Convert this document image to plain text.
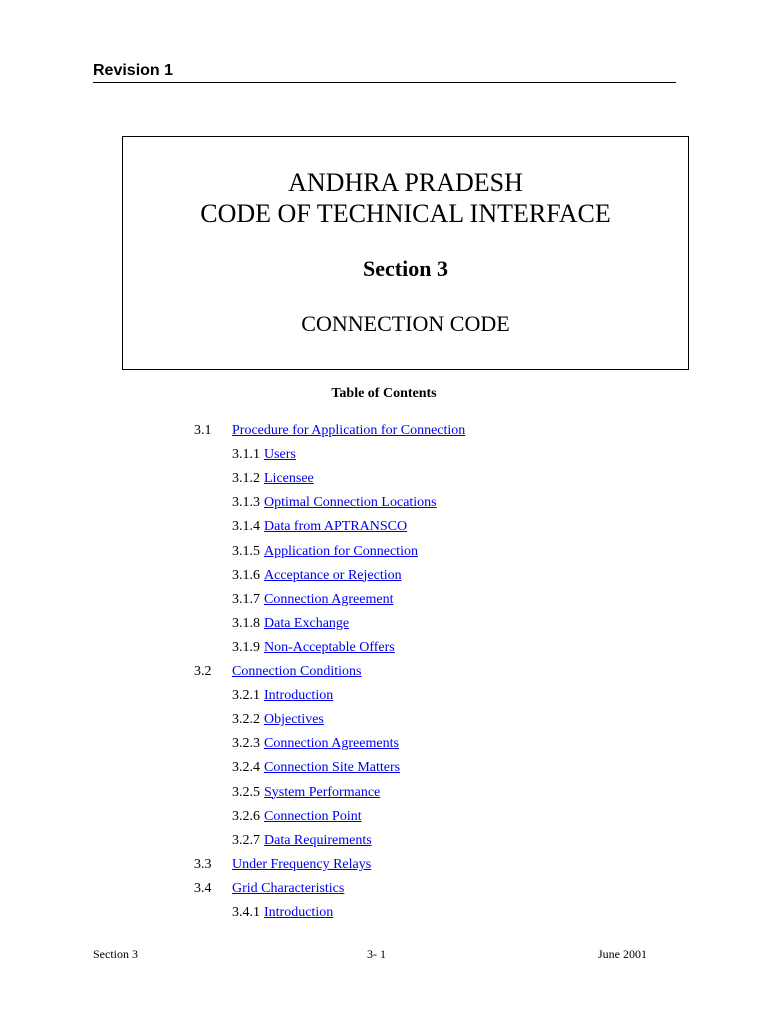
Revision 1
ANDHRA PRADESH
CODE OF TECHNICAL INTERFACE
Section 3
CONNECTION CODE
Table of Contents
3.1 Procedure for Application for Connection
3.1.1 Users
3.1.2 Licensee
3.1.3 Optimal Connection Locations
3.1.4 Data from APTRANSCO
3.1.5 Application for Connection
3.1.6 Acceptance or Rejection
3.1.7 Connection Agreement
3.1.8 Data Exchange
3.1.9 Non-Acceptable Offers
3.2 Connection Conditions
3.2.1 Introduction
3.2.2 Objectives
3.2.3 Connection Agreements
3.2.4 Connection Site Matters
3.2.5 System Performance
3.2.6 Connection Point
3.2.7 Data Requirements
3.3 Under Frequency Relays
3.4 Grid Characteristics
3.4.1 Introduction
Section 3	3- 1	June 2001
